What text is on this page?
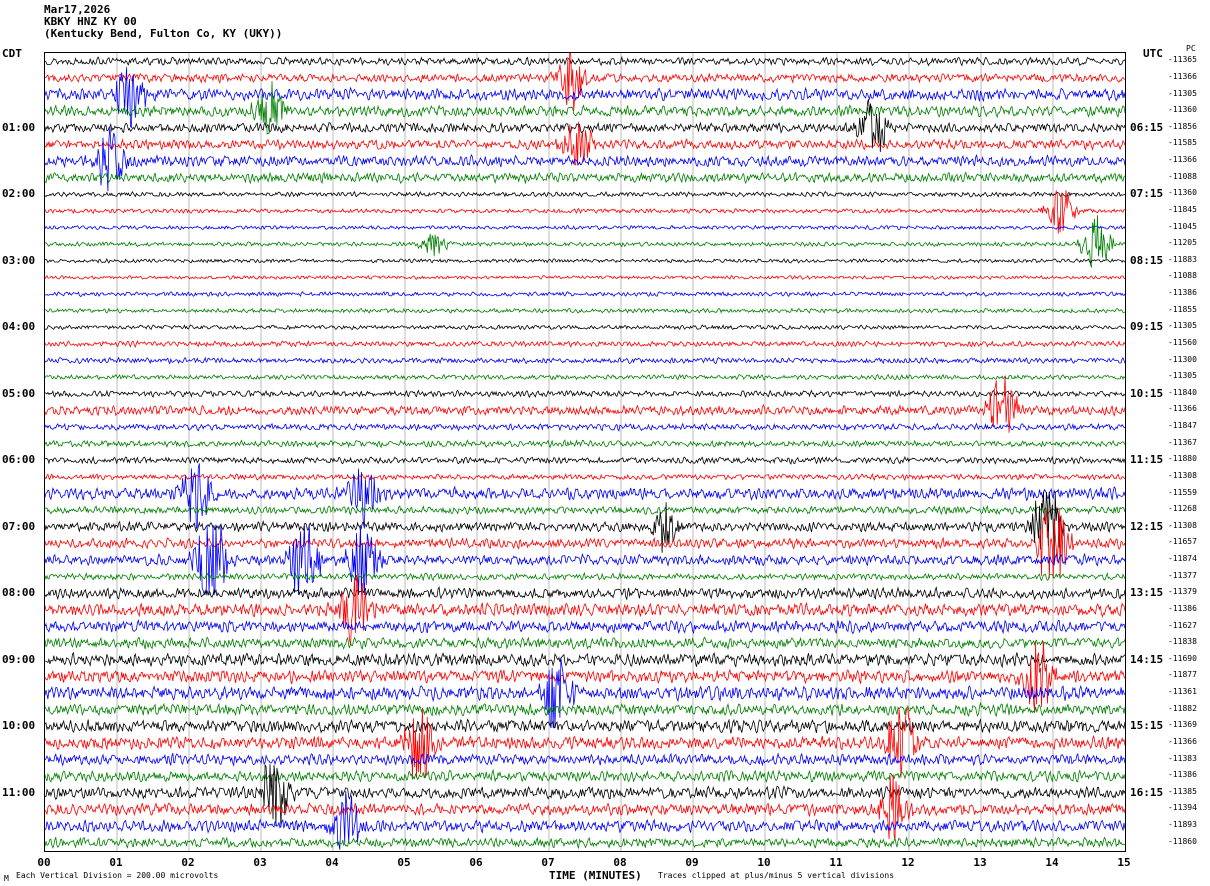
Mar17,2026
KBKY HNZ KY 00
(Kentucky Bend, Fulton Co, KY (UKY))
CDT	UTC	PC
01:00
02:00
03:00
04:00
05:00
06:00
07:00
08:00
09:00
10:00
11:00
06:15
07:15
08:15
09:15
10:15
11:15
12:15
13:15
14:15
15:15
16:15
-11365
-11366
-11305
-11360
-11856
-11585
-11366
-11088
-11360
-11845
-11045
-11205
-11883
-11088
-11386
-11855
-11305
-11560
-11300
-11305
-11840
-11366
-11847
-11367
-11880
-11308
-11559
-11268
-11308
-11657
-11874
-11377
-11379
-11386
-11627
-11838
-11690
-11877
-11361
-11882
-11369
-11366
-11383
-11386
-11385
-11394
-11893
-11860
00	01	02	03	04	05	06	07	08	09	10	11	12	13	14	15
TIME (MINUTES)
M Each Vertical Division = 200.00 microvolts	Traces clipped at plus/minus 5 vertical divisions
